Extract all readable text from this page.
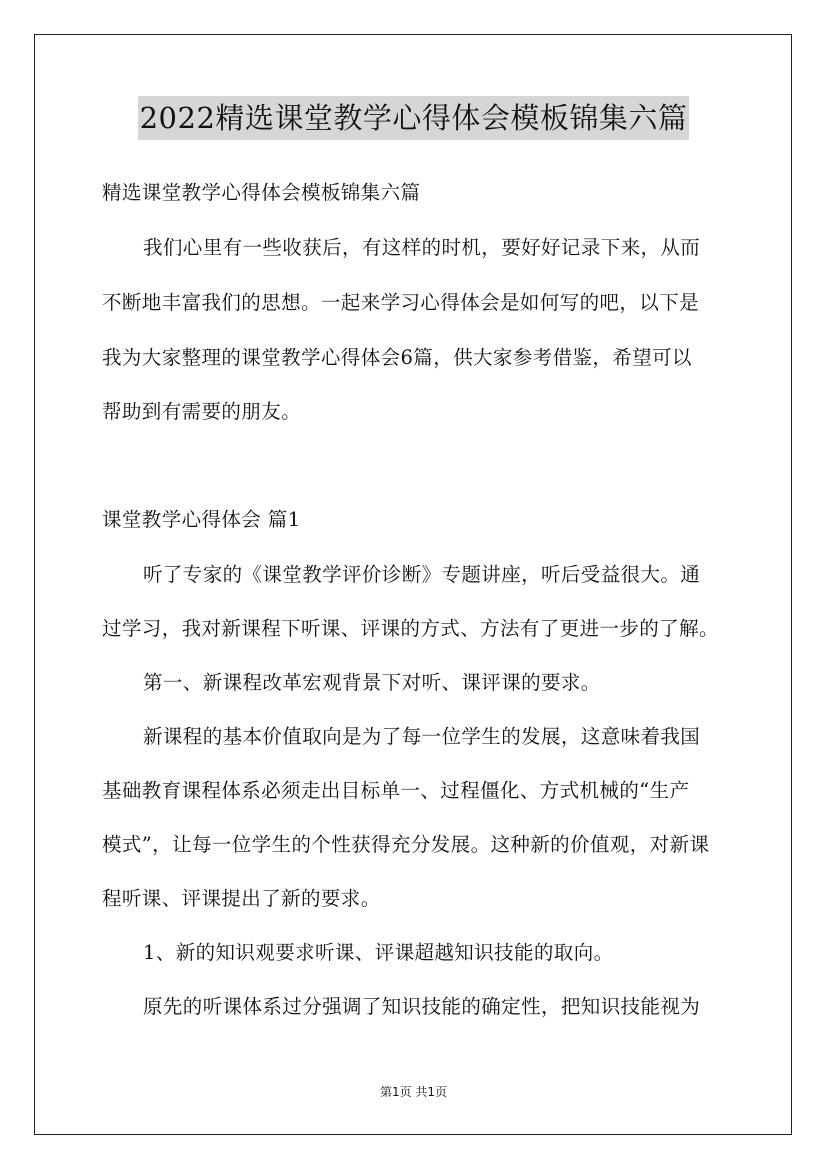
2022精选课堂教学心得体会模板锦集六篇
精选课堂教学心得体会模板锦集六篇
我们心里有一些收获后，有这样的时机，要好好记录下来，从而
不断地丰富我们的思想。一起来学习心得体会是如何写的吧，以下是
我为大家整理的课堂教学心得体会6篇，供大家参考借鉴，希望可以
帮助到有需要的朋友。
课堂教学心得体会 篇1
听了专家的《课堂教学评价诊断》专题讲座，听后受益很大。通
过学习，我对新课程下听课、评课的方式、方法有了更进一步的了解。
第一、新课程改革宏观背景下对听、课评课的要求。
新课程的基本价值取向是为了每一位学生的发展，这意味着我国
基础教育课程体系必须走出目标单一、过程僵化、方式机械的“生产
模式”，让每一位学生的个性获得充分发展。这种新的价值观，对新课
程听课、评课提出了新的要求。
1、新的知识观要求听课、评课超越知识技能的取向。
原先的听课体系过分强调了知识技能的确定性，把知识技能视为
第1页 共1页
